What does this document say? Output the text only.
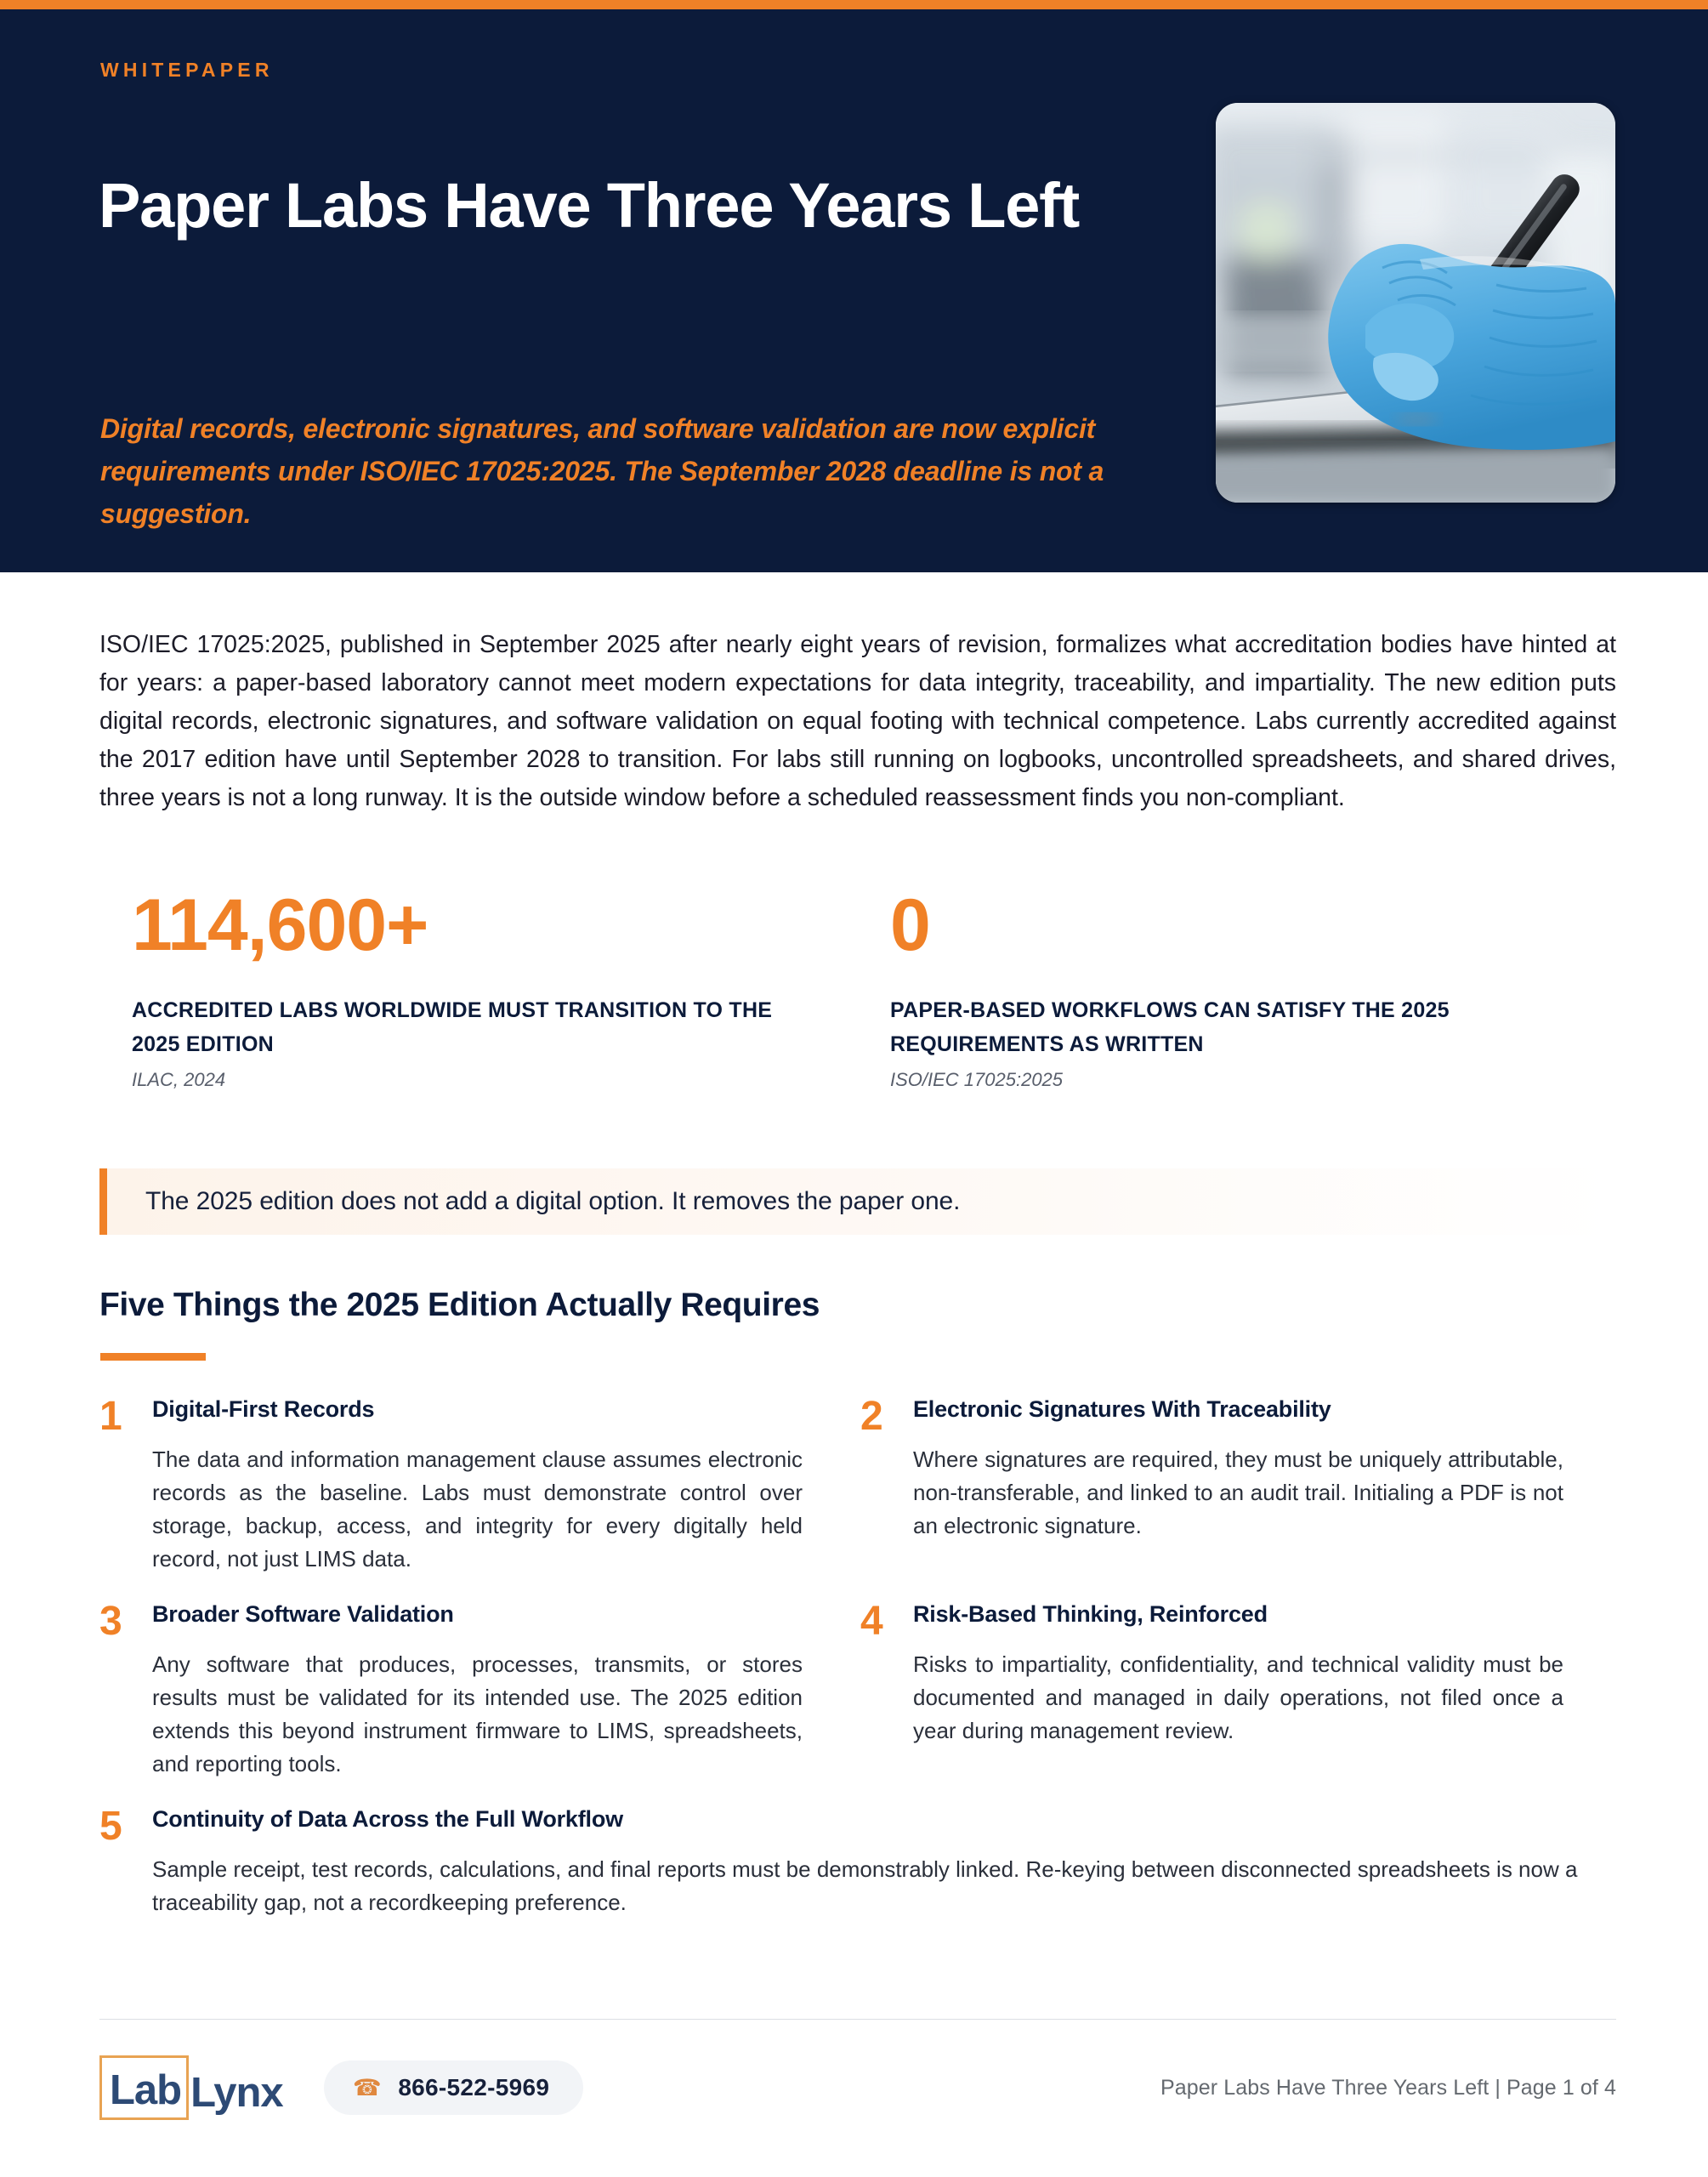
WHITEPAPER
Paper Labs Have Three Years Left
Digital records, electronic signatures, and software validation are now explicit requirements under ISO/IEC 17025:2025. The September 2028 deadline is not a suggestion.

ISO/IEC 17025:2025, published in September 2025 after nearly eight years of revision, formalizes what accreditation bodies have hinted at for years: a paper-based laboratory cannot meet modern expectations for data integrity, traceability, and impartiality. The new edition puts digital records, electronic signatures, and software validation on equal footing with technical competence. Labs currently accredited against the 2017 edition have until September 2028 to transition. For labs still running on logbooks, uncontrolled spreadsheets, and shared drives, three years is not a long runway. It is the outside window before a scheduled reassessment finds you non-compliant.

114,600+
ACCREDITED LABS WORLDWIDE MUST TRANSITION TO THE 2025 EDITION
ILAC, 2024
0
PAPER-BASED WORKFLOWS CAN SATISFY THE 2025 REQUIREMENTS AS WRITTEN
ISO/IEC 17025:2025
The 2025 edition does not add a digital option. It removes the paper one.
Five Things the 2025 Edition Actually Requires
1	Digital-First Records
The data and information management clause assumes electronic records as the baseline. Labs must demonstrate control over storage, backup, access, and integrity for every digitally held record, not just LIMS data.
2	Electronic Signatures With Traceability
Where signatures are required, they must be uniquely attributable, non-transferable, and linked to an audit trail. Initialing a PDF is not an electronic signature.
3	Broader Software Validation
Any software that produces, processes, transmits, or stores results must be validated for its intended use. The 2025 edition extends this beyond instrument firmware to LIMS, spreadsheets, and reporting tools.
4	Risk-Based Thinking, Reinforced
Risks to impartiality, confidentiality, and technical validity must be documented and managed in daily operations, not filed once a year during management review.
5	Continuity of Data Across the Full Workflow
Sample receipt, test records, calculations, and final reports must be demonstrably linked. Re-keying between disconnected spreadsheets is now a traceability gap, not a recordkeeping preference.
Lab Lynx	☎ 866-522-5969	Paper Labs Have Three Years Left | Page 1 of 4
